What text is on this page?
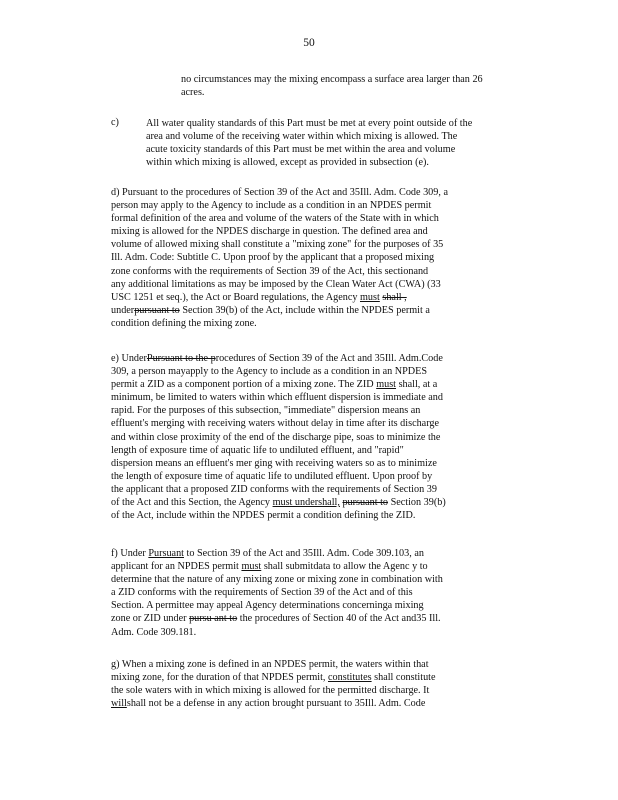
50
no circumstances may the mixing encompass a surface area larger than 26
acres.
c)	All water quality standards of this Part must be met at every point outside of the
area and volume of the receiving water within which mixing is allowed. The
acute toxicity standards of this Part must be met within the area and volume
within which mixing is allowed, except as provided in subsection (e).
d) Pursuant to the procedures of Section 39 of the Act and 35Ill. Adm. Code 309, a
person may apply to the Agency to include as a condition in an NPDES permit
formal definition of the area and volume of the waters of the State with in which
mixing is allowed for the NPDES discharge in question. The defined area and
volume of allowed mixing shall constitute a "mixing zone" for the purposes of 35
Ill. Adm. Code: Subtitle C. Upon proof by the applicant that a proposed mixing
zone conforms with the requirements of Section 39 of the Act, this sectionand
any additional limitations as may be imposed by the Clean Water Act (CWA) (33
USC 1251 et seq.), the Act or Board regulations, the Agency must shall ,
underpursuant to Section 39(b) of the Act, include within the NPDES permit a
condition defining the mixing zone.
e) UnderPursuant to the procedures of Section 39 of the Act and 35Ill. Adm.Code
309, a person mayapply to the Agency to include as a condition in an NPDES
permit a ZID as a component portion of a mixing zone. The ZID must shall, at a
minimum, be limited to waters within which effluent dispersion is immediate and
rapid. For the purposes of this subsection, "immediate" dispersion means an
effluent's merging with receiving waters without delay in time after its discharge
and within close proximity of the end of the discharge pipe, soas to minimize the
length of exposure time of aquatic life to undiluted effluent, and "rapid"
dispersion means an effluent's mer ging with receiving waters so as to minimize
the length of exposure time of aquatic life to undiluted effluent. Upon proof by
the applicant that a proposed ZID conforms with the requirements of Section 39
of the Act and this Section, the Agency must undershall, pursuant to Section 39(b)
of the Act, include within the NPDES permit a condition defining the ZID.
f) Under Pursuant to Section 39 of the Act and 35Ill. Adm. Code 309.103, an
applicant for an NPDES permit must shall submitdata to allow the Agenc y to
determine that the nature of any mixing zone or mixing zone in combination with
a ZID conforms with the requirements of Section 39 of the Act and of this
Section. A permittee may appeal Agency determinations concerninga mixing
zone or ZID under pursu ant to the procedures of Section 40 of the Act and35 Ill.
Adm. Code 309.181.
g) When a mixing zone is defined in an NPDES permit, the waters within that
mixing zone, for the duration of that NPDES permit, constitutes shall constitute
the sole waters with in which mixing is allowed for the permitted discharge. It
willshall not be a defense in any action brought pursuant to 35Ill. Adm. Code
